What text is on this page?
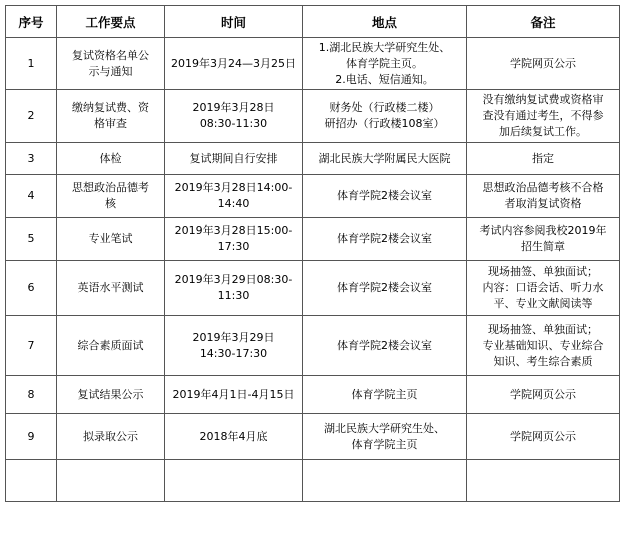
序号	工作要点	时间	地点	备注
1	复试资格名单公
示与通知	2019年3月24—3月25日	1.湖北民族大学研究生处、
体育学院主页。
2.电话、短信通知。	学院网页公示

2	缴纳复试费、资
格审查	2019年3月28日
08:30-11:30	财务处（行政楼二楼）
研招办（行政楼108室）	没有缴纳复试费或资格审
查没有通过考生，不得参
加后续复试工作。

3	体检	复试期间自行安排	湖北民族大学附属民大医院	指定

4	思想政治品德考
核	2019年3月28日14:00-
14:40	体育学院2楼会议室	思想政治品德考核不合格
者取消复试资格

5	专业笔试	2019年3月28日15:00-
17:30	体育学院2楼会议室	考试内容参阅我校2019年
招生简章

6	英语水平测试	2019年3月29日08:30-
11:30	体育学院2楼会议室	现场抽签、单独面试；
内容：口语会话、听力水
平、专业文献阅读等

7	综合素质面试	2019年3月29日
14:30-17:30	体育学院2楼会议室	现场抽签、单独面试；
专业基础知识、专业综合
知识、考生综合素质

8	复试结果公示	2019年4月1日-4月15日	体育学院主页	学院网页公示

9	拟录取公示	2018年4月底	湖北民族大学研究生处、
体育学院主页	学院网页公示
